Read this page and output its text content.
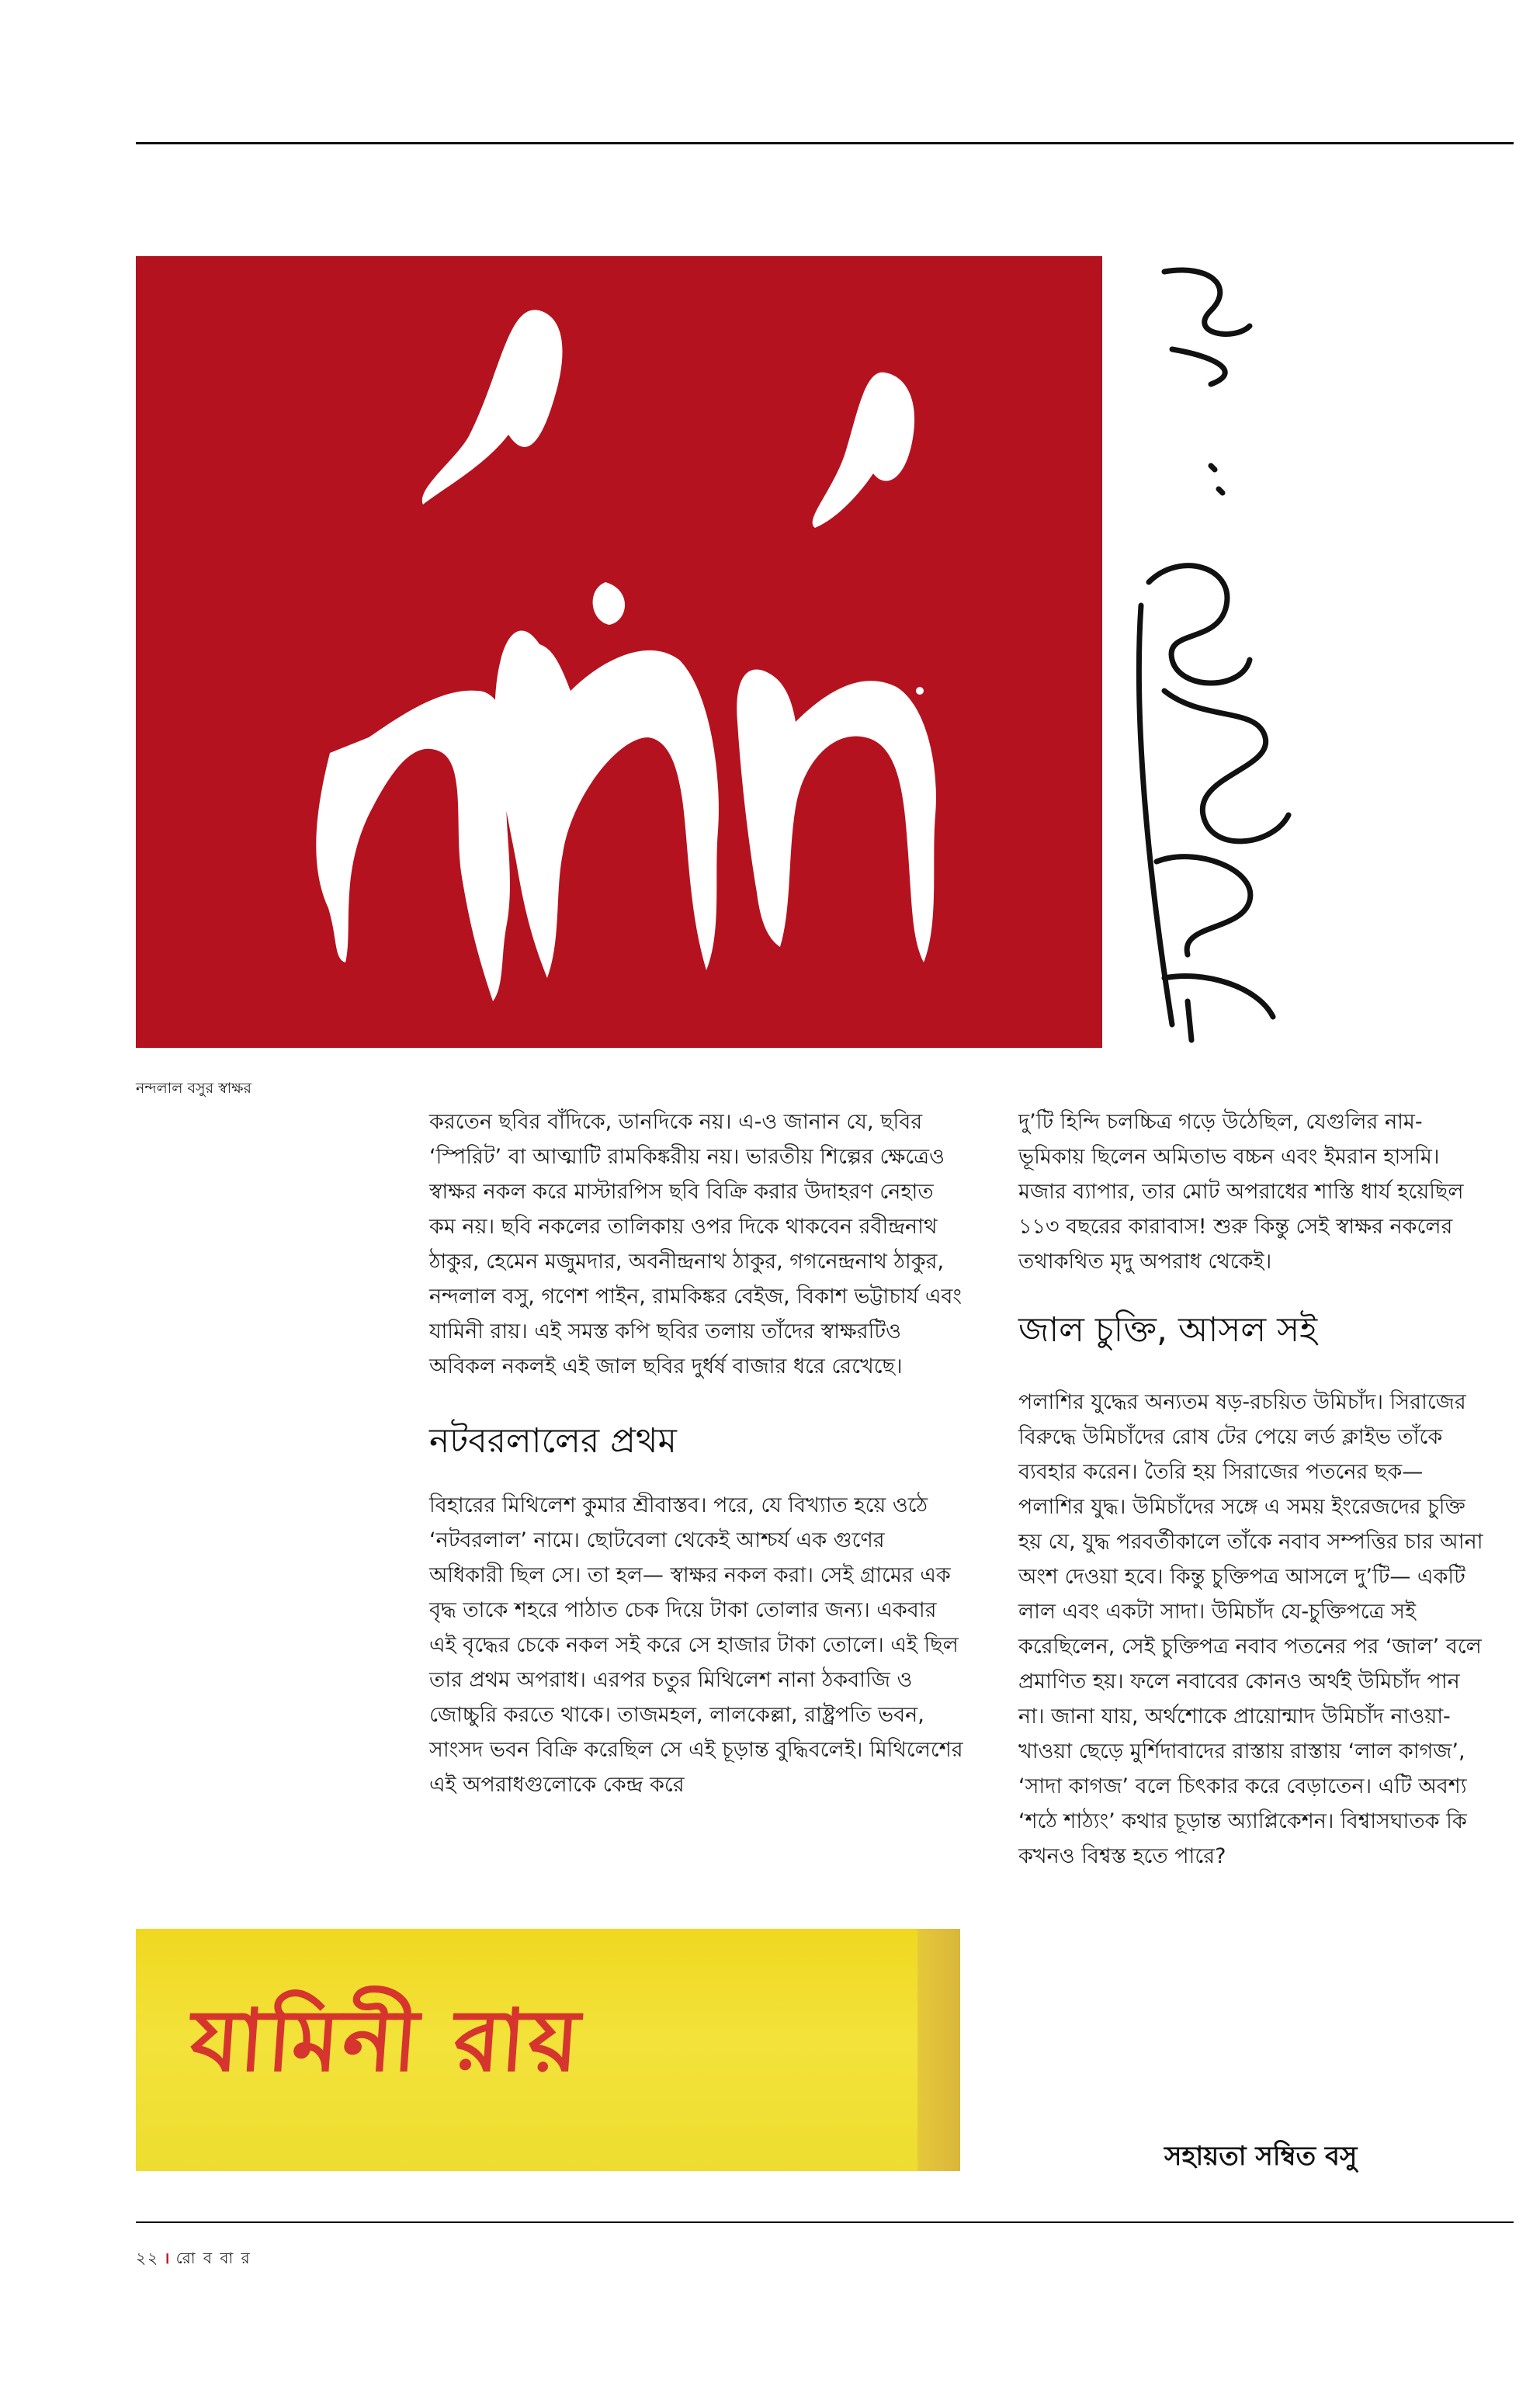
নন্দলাল বসুর স্বাক্ষর

করতেন ছবির বাঁদিকে, ডানদিকে নয়। এ-ও জানান যে, ছবির ‘স্পিরিট’ বা আত্মাটি রামকিঙ্করীয় নয়। ভারতীয় শিল্পের ক্ষেত্রেও স্বাক্ষর নকল করে মাস্টারপিস ছবি বিক্রি করার উদাহরণ নেহাত কম নয়। ছবি নকলের তালিকায় ওপর দিকে থাকবেন রবীন্দ্রনাথ ঠাকুর, হেমেন মজুমদার, অবনীন্দ্রনাথ ঠাকুর, গগনেন্দ্রনাথ ঠাকুর, নন্দলাল বসু, গণেশ পাইন, রামকিঙ্কর বেইজ, বিকাশ ভট্টাচার্য এবং যামিনী রায়। এই সমস্ত কপি ছবির তলায় তাঁদের স্বাক্ষরটিও অবিকল নকলই এই জাল ছবির দুর্ধর্ষ বাজার ধরে রেখেছে।

নটবরলালের প্রথম

বিহারের মিথিলেশ কুমার শ্রীবাস্তব। পরে, যে বিখ্যাত হয়ে ওঠে ‘নটবরলাল’ নামে। ছোটবেলা থেকেই আশ্চর্য এক গুণের অধিকারী ছিল সে। তা হল— স্বাক্ষর নকল করা। সেই গ্রামের এক বৃদ্ধ তাকে শহরে পাঠাত চেক দিয়ে টাকা তোলার জন্য। একবার এই বৃদ্ধের চেকে নকল সই করে সে হাজার টাকা তোলে। এই ছিল তার প্রথম অপরাধ। এরপর চতুর মিথিলেশ নানা ঠকবাজি ও জোচ্চুরি করতে থাকে। তাজমহল, লালকেল্লা, রাষ্ট্রপতি ভবন, সাংসদ ভবন বিক্রি করেছিল সে এই চূড়ান্ত বুদ্ধিবলেই। মিথিলেশের এই অপরাধগুলোকে কেন্দ্র করে

দু’টি হিন্দি চলচ্চিত্র গড়ে উঠেছিল, যেগুলির নাম-ভূমিকায় ছিলেন অমিতাভ বচ্চন এবং ইমরান হাসমি। মজার ব্যাপার, তার মোট অপরাধের শাস্তি ধার্য হয়েছিল ১১৩ বছরের কারাবাস! শুরু কিন্তু সেই স্বাক্ষর নকলের তথাকথিত মৃদু অপরাধ থেকেই।

জাল চুক্তি, আসল সই

পলাশির যুদ্ধের অন্যতম ষড়-রচয়িত উমিচাঁদ। সিরাজের বিরুদ্ধে উমিচাঁদের রোষ টের পেয়ে লর্ড ক্লাইভ তাঁকে ব্যবহার করেন। তৈরি হয় সিরাজের পতনের ছক— পলাশির যুদ্ধ। উমিচাঁদের সঙ্গে এ সময় ইংরেজদের চুক্তি হয় যে, যুদ্ধ পরবর্তীকালে তাঁকে নবাব সম্পত্তির চার আনা অংশ দেওয়া হবে। কিন্তু চুক্তিপত্র আসলে দু’টি— একটি লাল এবং একটা সাদা। উমিচাঁদ যে-চুক্তিপত্রে সই করেছিলেন, সেই চুক্তিপত্র নবাব পতনের পর ‘জাল’ বলে প্রমাণিত হয়। ফলে নবাবের কোনও অর্থই উমিচাঁদ পান না। জানা যায়, অর্থশোকে প্রায়োন্মাদ উমিচাঁদ নাওয়া-খাওয়া ছেড়ে মুর্শিদাবাদের রাস্তায় রাস্তায় ‘লাল কাগজ’, ‘সাদা কাগজ’ বলে চিৎকার করে বেড়াতেন। এটি অবশ্য ‘শঠে শাঠ্যং’ কথার চূড়ান্ত অ্যাপ্লিকেশন। বিশ্বাসঘাতক কি কখনও বিশ্বস্ত হতে পারে?

যামিনী রায়
সহায়তা সম্বিত বসু
২২ । রো ব বা র
